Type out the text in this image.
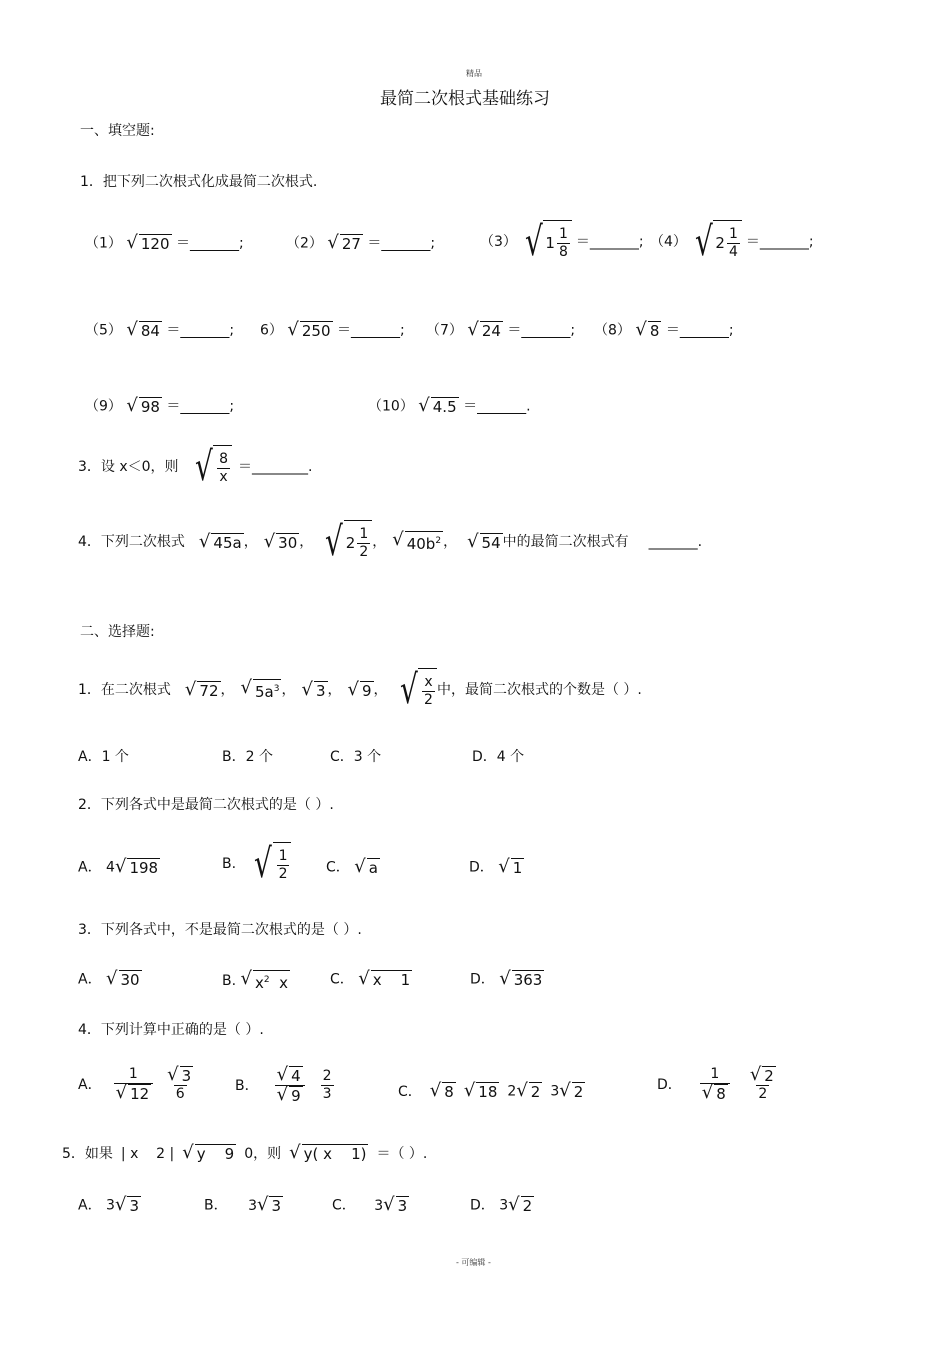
精品
最简二次根式基础练习
一、填空题:
1．把下列二次根式化成最简二次根式.
（1） √ 120 ＝_______;	（2） √ 27 ＝_______;	（3） √ $1 \frac{1}{8}$ ＝_______; （4） √ $2 \frac{1}{4}$ ＝_______;
（5） √ 84 ＝_______; 6） √ 250 ＝_______; （7） √ 24 ＝_______; （8） √ 8 ＝_______;
（9） √ 98 ＝_______;	（10） √ 4.5 ＝_______.
3．设 x＜0，则 √ $\frac{8}{x}$ ＝________.
4．下列二次根式 √ 45a ， √ 30 ， √ $2 \frac{1}{2}$ ， √ $40b^2$ ， √ 54 中的最简二次根式有 _______.
二、选择题:
1．在二次根式 √ 72 ， √ $5a^3$ ， √ 3 ， √ 9 ， √ $\frac{x}{2}$ 中，最简二次根式的个数是（ ）.
A．1 个	B．2 个	C．3 个	D．4 个
2．下列各式中是最简二次根式的是（ ）.
A． 4 √ 198	B. √ $\frac{1}{2}$	C． √ a	D． √ 1
3．下列各式中，不是最简二次根式的是（ ）.
A． √ 30	B. √ $x^2$  x	C． √ x    1	D． √ 363
4．下列计算中正确的是（ ）.
A． $\frac{1}{√ 12} \frac{√ 3}{6}$	B． $\frac{√ 4}{√ 9} \frac{2}{3}$	C． √ 8 √ 18 2 √ 2 3 √ 2	D． $\frac{1}{√ 8} \frac{√ 2}{2}$
5．如果 | x    2 | √ y    9 0，则 √ y( x    1) ＝（ ）.
A． 3 √ 3	B． 3 √ 3	C． 3 √ 3	D． 3 √ 2
- 可编辑 -
